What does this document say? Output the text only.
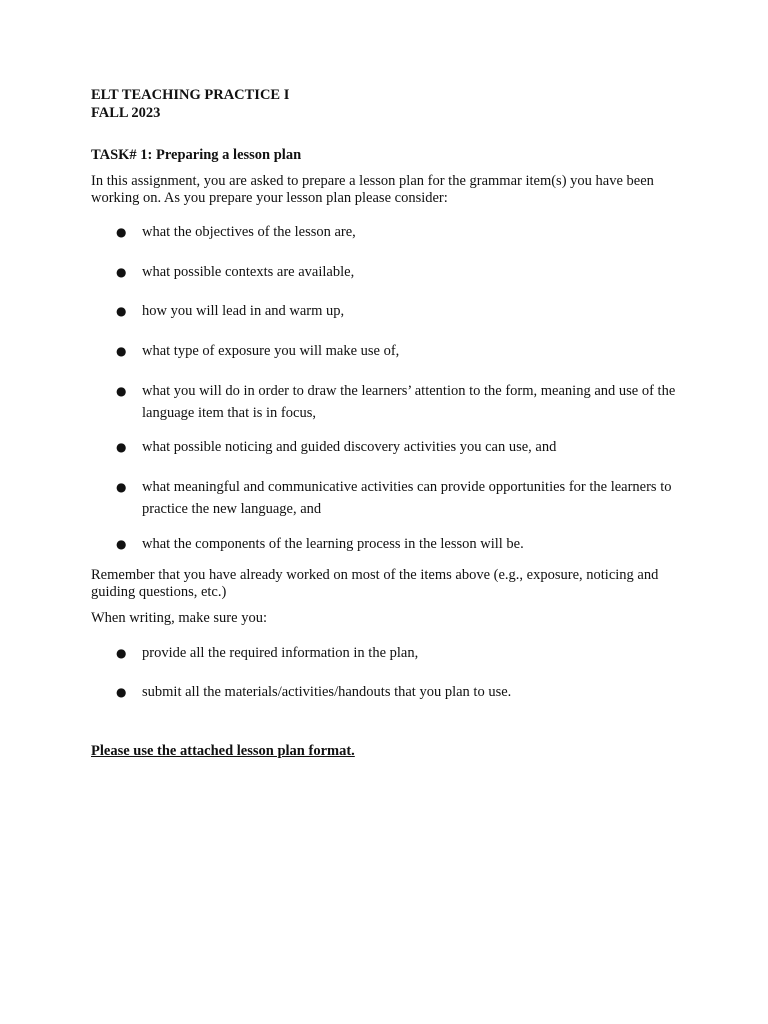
ELT TEACHING PRACTICE I
FALL 2023
TASK# 1: Preparing a lesson plan
In this assignment, you are asked to prepare a lesson plan for the grammar item(s) you have been working on. As you prepare your lesson plan please consider:
●	what the objectives of the lesson are,
●	what possible contexts are available,
●	how you will lead in and warm up,
●	what type of exposure you will make use of,
●	what you will do in order to draw the learners’ attention to the form, meaning and use of the language item that is in focus,
●	what possible noticing and guided discovery activities you can use, and
●	what meaningful and communicative activities can provide opportunities for the learners to practice the new language, and
●	what the components of the learning process in the lesson will be.
Remember that you have already worked on most of the items above (e.g., exposure, noticing and guiding questions, etc.)
When writing, make sure you:
●	provide all the required information in the plan,
●	submit all the materials/activities/handouts that you plan to use.
Please use the attached lesson plan format.
